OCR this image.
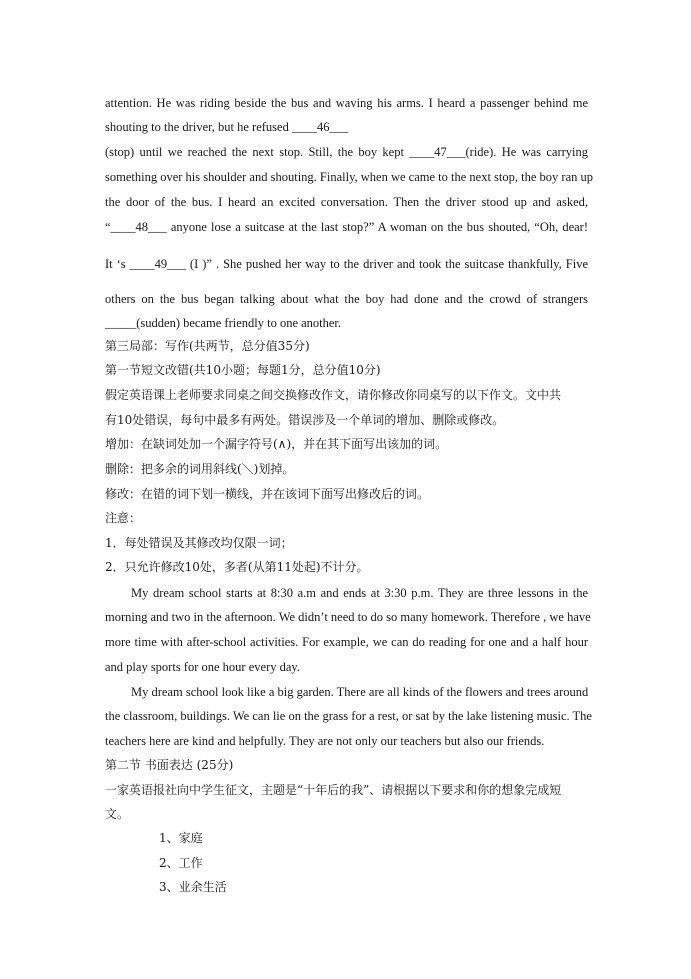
attention. He was riding beside the bus and waving his arms. I heard a passenger behind me
shouting to the driver, but he refused ____46___
(stop) until we reached the next stop. Still, the boy kept ____47___(ride). He was carrying
something over his shoulder and shouting. Finally, when we came to the next stop, the boy ran up
the door of the bus. I heard an excited conversation. Then the driver stood up and asked,
“____48___ anyone lose a suitcase at the last stop?” A woman on the bus shouted, “Oh, dear!
It ‘s ____49___ (I )” . She pushed her way to the driver and took the suitcase thankfully, Five
others on the bus began talking about what the boy had done and the crowd of strangers
_____(sudden) became friendly to one another.
第三局部：写作(共两节，总分值35分)
第一节短文改错(共10小题；每题1分，总分值10分)
假定英语课上老师要求同桌之间交换修改作文，请你修改你同桌写的以下作文。文中共
有10处错误，每句中最多有两处。错误涉及一个单词的增加、删除或修改。
增加：在缺词处加一个漏字符号(∧)，并在其下面写出该加的词。
删除：把多余的词用斜线(＼)划掉。
修改：在错的词下划一横线，并在该词下面写出修改后的词。
注意：
1．每处错误及其修改均仅限一词；
2．只允许修改10处，多者(从第11处起)不计分。
My dream school starts at 8:30 a.m and ends at 3:30 p.m. They are three lessons in the
morning and two in the afternoon. We didn’t need to do so many homework. Therefore , we have
more time with after-school activities. For example, we can do reading for one and a half hour
and play sports for one hour every day.
My dream school look like a big garden. There are all kinds of the flowers and trees around
the classroom, buildings. We can lie on the grass for a rest, or sat by the lake listening music. The
teachers here are kind and helpfully. They are not only our teachers but also our friends.
第二节 书面表达 (25分)
一家英语报社向中学生征文，主题是“十年后的我”、请根据以下要求和你的想象完成短
文。
1、家庭
2、工作
3、业余生活
